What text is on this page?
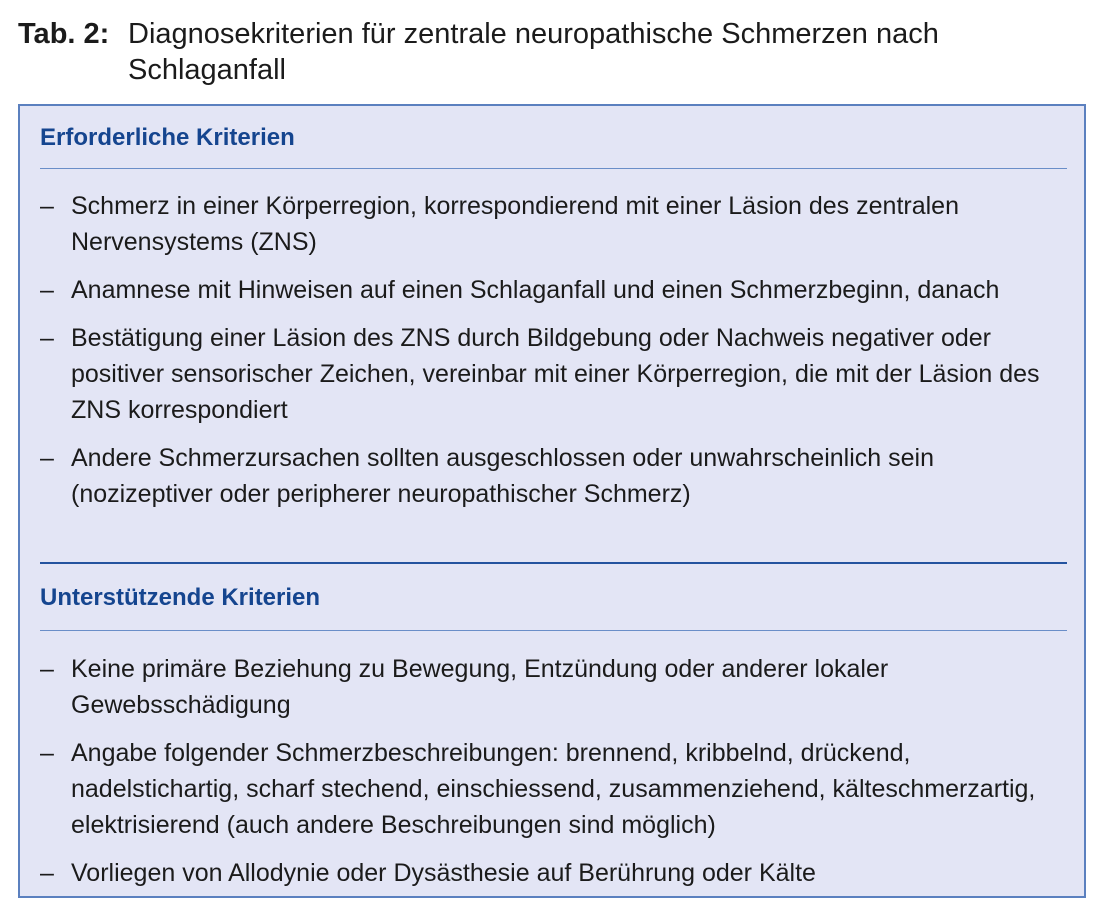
Tab. 2: Diagnosekriterien für zentrale neuropathische Schmerzen nach Schlaganfall
Erforderliche Kriterien
– Schmerz in einer Körperregion, korrespondierend mit einer Läsion des zentralen Nervensystems (ZNS)
– Anamnese mit Hinweisen auf einen Schlaganfall und einen Schmerzbeginn, danach
– Bestätigung einer Läsion des ZNS durch Bildgebung oder Nachweis negativer oder positiver sensorischer Zeichen, vereinbar mit einer Körperregion, die mit der Läsion des ZNS korrespondiert
– Andere Schmerzursachen sollten ausgeschlossen oder unwahrscheinlich sein (nozizeptiver oder peripherer neuropathischer Schmerz)
Unterstützende Kriterien
– Keine primäre Beziehung zu Bewegung, Entzündung oder anderer lokaler Gewebsschädigung
– Angabe folgender Schmerzbeschreibungen: brennend, kribbelnd, drückend, nadelstichartig, scharf stechend, einschiessend, zusammenziehend, kälteschmerzartig, elektrisierend (auch andere Beschreibungen sind möglich)
– Vorliegen von Allodynie oder Dysästhesie auf Berührung oder Kälte
